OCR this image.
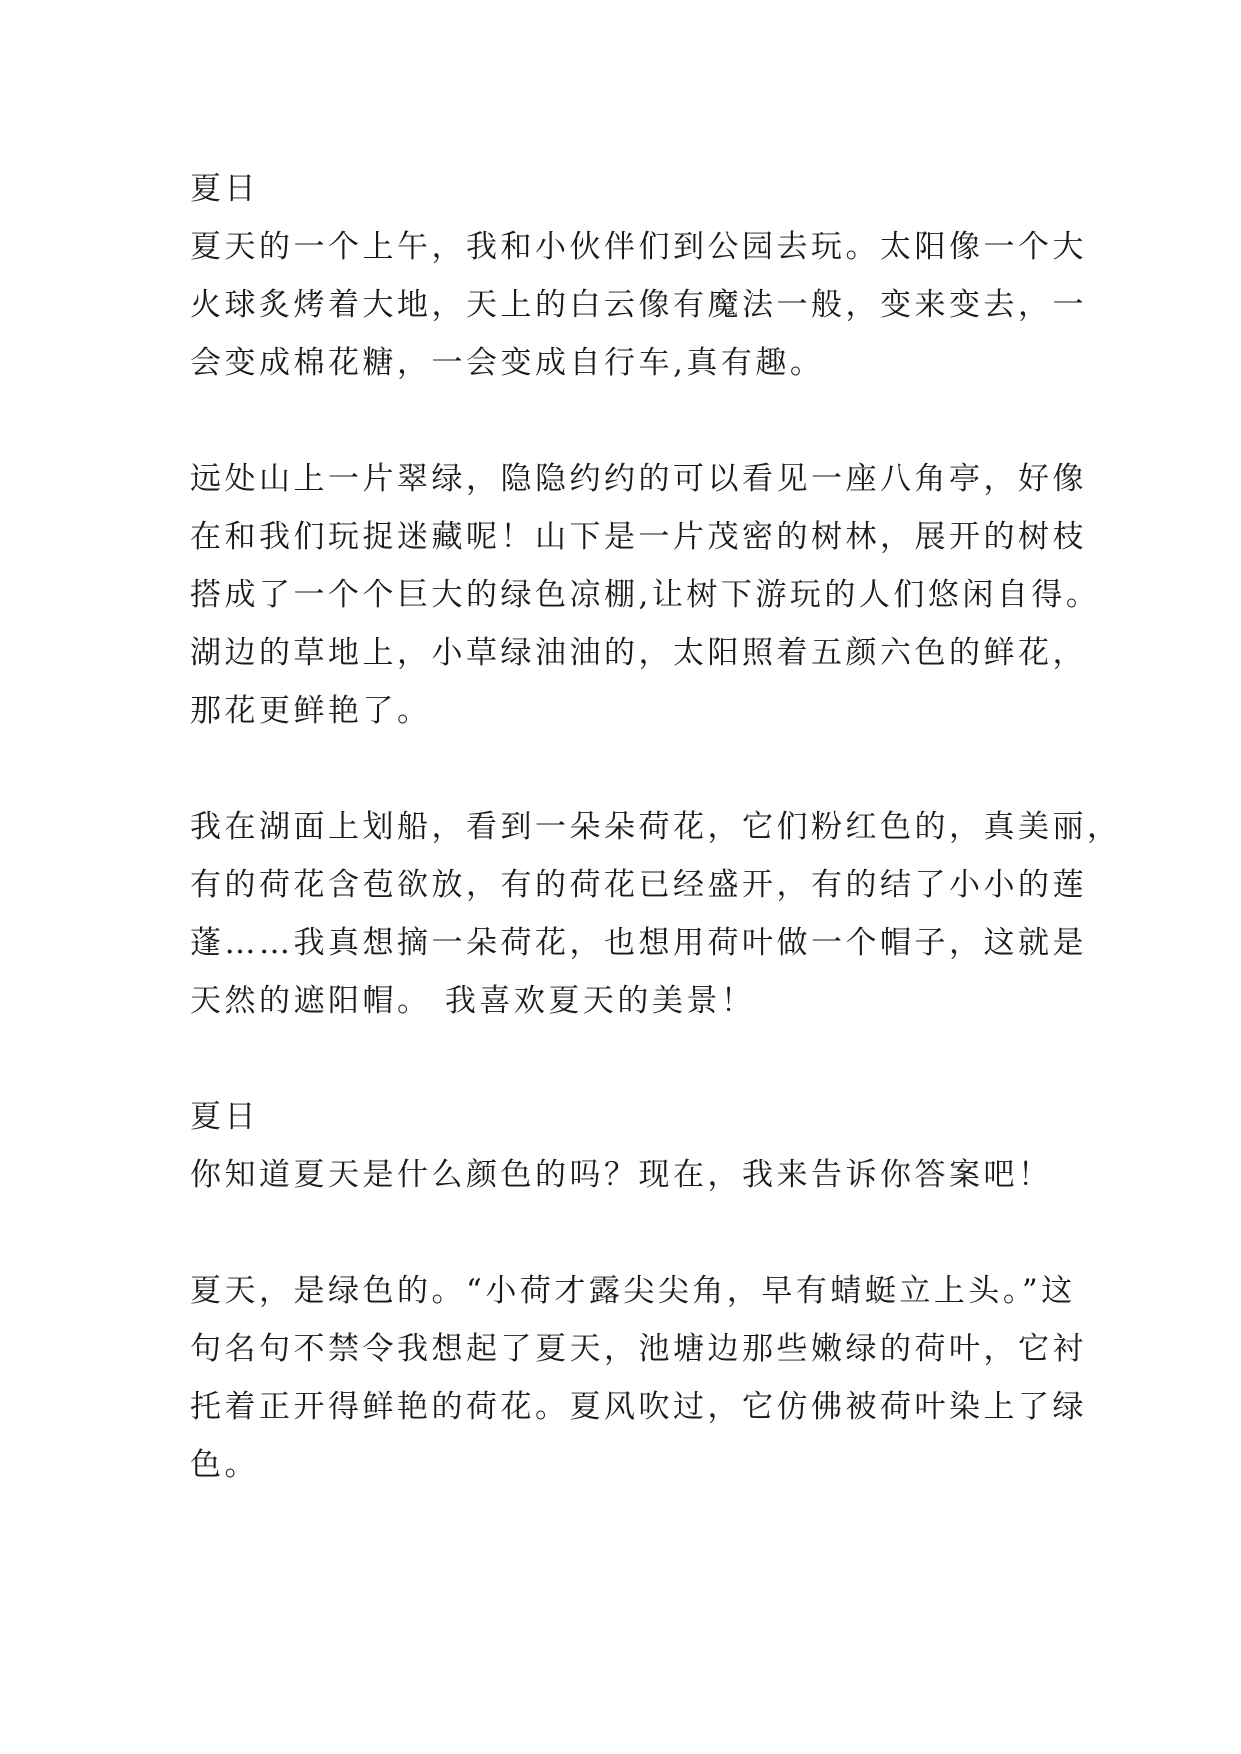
夏日
夏天的一个上午，我和小伙伴们到公园去玩。太阳像一个大
火球炙烤着大地，天上的白云像有魔法一般，变来变去，一
会变成棉花糖，一会变成自行车,真有趣。
远处山上一片翠绿，隐隐约约的可以看见一座八角亭，好像
在和我们玩捉迷藏呢！山下是一片茂密的树林，展开的树枝
搭成了一个个巨大的绿色凉棚,让树下游玩的人们悠闲自得。
湖边的草地上，小草绿油油的，太阳照着五颜六色的鲜花，
那花更鲜艳了。
我在湖面上划船，看到一朵朵荷花，它们粉红色的，真美丽，
有的荷花含苞欲放，有的荷花已经盛开，有的结了小小的莲
蓬……我真想摘一朵荷花，也想用荷叶做一个帽子，这就是
天然的遮阳帽。 我喜欢夏天的美景！
夏日
你知道夏天是什么颜色的吗？现在，我来告诉你答案吧！
夏天，是绿色的。“小荷才露尖尖角，早有蜻蜓立上头。”这
句名句不禁令我想起了夏天，池塘边那些嫩绿的荷叶，它衬
托着正开得鲜艳的荷花。夏风吹过，它仿佛被荷叶染上了绿
色。
